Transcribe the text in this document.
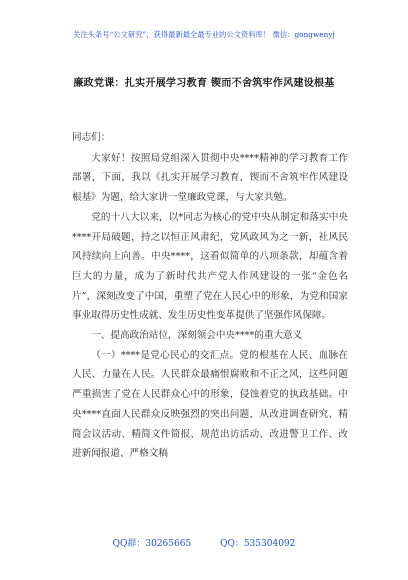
关注头条号“公文研究”，获得最新最全最专业的公文资料库！ 微信：gongwenyj
廉政党课：扎实开展学习教育 锲而不舍筑牢作风建设根基

同志们：

大家好！按照局党组深入贯彻中央****精神的学习教育工作部署，下面，我以《扎实开展学习教育，锲而不舍筑牢作风建设根基》为题，给大家讲一堂廉政党课，与大家共勉。

党的十八大以来，以*同志为核心的党中央从制定和落实中央****开局破题，持之以恒正风肃纪，党风政风为之一新，社风民风持续向上向善。中央****，这看似简单的八项条款，却蕴含着巨大的力量，成为了新时代共产党人作风建设的一张“金色名片”，深刻改变了中国，重塑了党在人民心中的形象，为党和国家事业取得历史性成就、发生历史性变革提供了坚强作风保障。

一、提高政治站位，深刻领会中央****的重大意义

（一）****是党心民心的交汇点。党的根基在人民、血脉在人民、力量在人民。人民群众最痛恨腐败和不正之风，这些问题严重损害了党在人民群众心中的形象，侵蚀着党的执政基础。中央****直面人民群众反映强烈的突出问题，从改进调查研究、精简会议活动、精简文件简报、规范出访活动、改进警卫工作、改进新闻报道、严格文稿

QQ群：30265665	QQ：535304092
